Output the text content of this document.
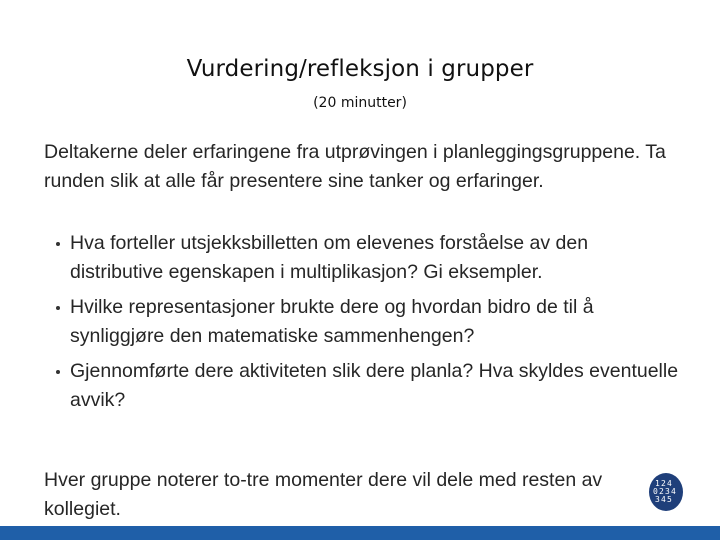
Vurdering/refleksjon i grupper
(20 minutter)
Deltakerne deler erfaringene fra utprøvingen i planleggingsgruppene. Ta runden slik at alle får presentere sine tanker og erfaringer.
Hva forteller utsjekksbilletten om elevenes forståelse av den distributive egenskapen i multiplikasjon? Gi eksempler.
Hvilke representasjoner brukte dere og hvordan bidro de til å synliggjøre den matematiske sammenhengen?
Gjennomførte dere aktiviteten slik dere planla? Hva skyldes eventuelle avvik?
Hver gruppe noterer to-tre momenter dere vil dele med resten av kollegiet.
1 2 4
0 2 3 4
3 4 5
